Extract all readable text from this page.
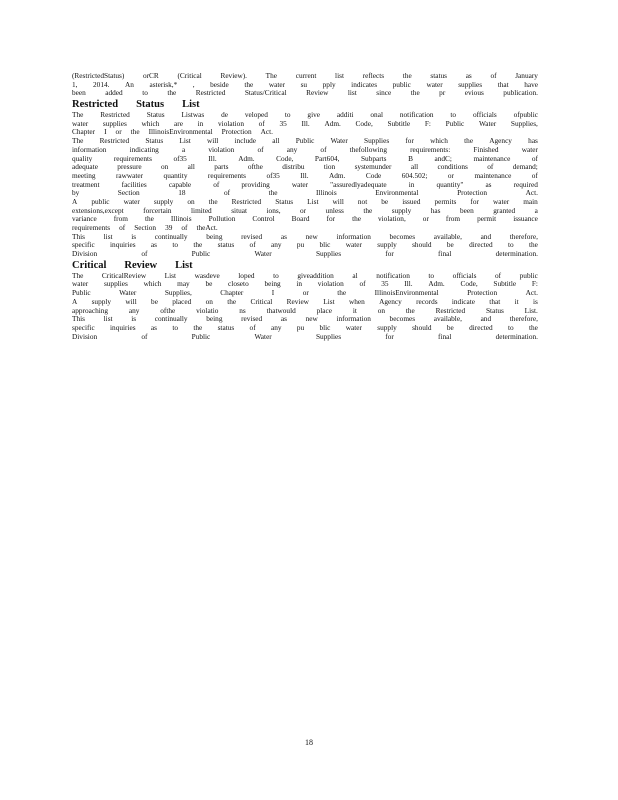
(RestrictedStatus)	orCR	(Critical	Review).	The	current	list	reflects	the	status	as	of	January
1, 2014. An asterisk,* , beside the water su pply indicates public water supplies that have
been	added	to	the	Restricted	Status/Critical	Review	list	since	the	pr	evious	publication.
Restricted Status List
The Restricted Status Listwas de veloped to give additi onal notification to officials ofpublic
water supplies which are in violation of 35 Ill. Adm. Code, Subtitle F: Public Water Supplies,
Chapter I or the IllinoisEnvironmental Protection Act.
The Restricted Status List will include all Public Water Supplies for which the Agency has
information	indicating	a	violation	of	any	of	thefollowing	requirements:	Finished	water
quality	requirements	of35	Ill.	Adm.	Code,	Part604,	Subparts	B	andC;	maintenance	of
adequate	pressure	on	all	parts	ofthe	distribu	tion	systemunder	all	conditions	of	demand;
meeting	rawwater	quantity	requirements	of35	Ill.	Adm.	Code	604.502;	or	maintenance	of
treatment	facilities	capable	of	providing	water	"assuredlyadequate	in	quantity"	as	required
by	Section	18	of	the	Illinois	Environmental	Protection	Act.
A public water supply on the Restricted Status List will not be issued permits for water main
extensions,except	forcertain	limited	situat	ions,	or	unless	the	supply	has	been	granted	a
variance from the Illinois Pollution Control Board for the violation, or from permit issuance
requirements of Section 39 of theAct.
This	list	is	continually	being	revised	as	new	information	becomes	available,	and	therefore,
specific inquiries as to the status of any pu blic water supply should be directed to the
Division	of	Public	Water	Supplies	for	final	determination.
Critical Review List
The	CriticalReview	List	wasdeve	loped	to	giveaddition	al	notification	to	officials	of	public
water supplies which may be closeto being in violation of 35 Ill. Adm. Code, Subtitle F:
Public	Water	Supplies,	Chapter	I	or	the	IllinoisEnvironmental	Protection	Act.
A supply will be placed on the Critical Review List when Agency records indicate that it is
approaching	any	ofthe	violatio	ns	thatwould	place	it	on	the	Restricted	Status	List.
This	list	is	continually	being	revised	as	new	information	becomes	available,	and	therefore,
specific inquiries as to the status of any pu blic water supply should be directed to the
Division	of	Public	Water	Supplies	for	final	determination.
18
